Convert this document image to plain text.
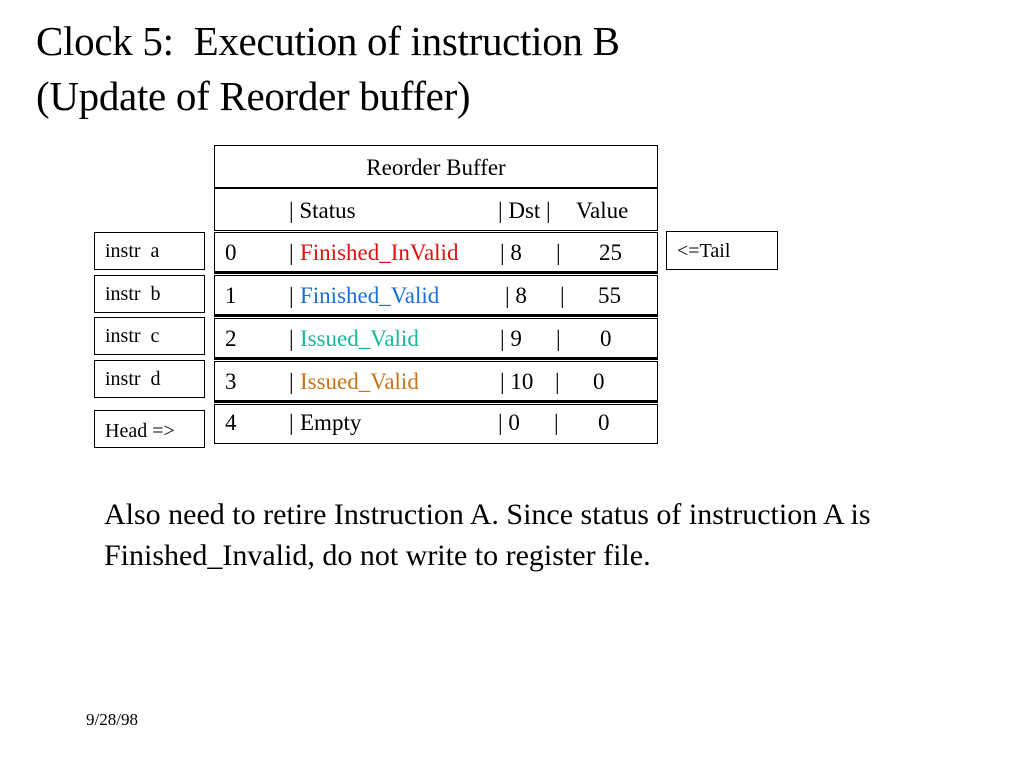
Clock 5:  Execution of instruction B
(Update of Reorder buffer)
Reorder Buffer
| Status	| Dst | Value
0 | Finished_InValid | 8 | 25
1 | Finished_Valid	| 8 | 55
2 | Issued_Valid	| 9 | 0
3 | Issued_Valid	| 10 | 0
4 | Empty	| 0 | 0
instr  a
instr  b
instr  c
instr  d
Head =>
<=Tail

Also need to retire Instruction A. Since status of instruction A is Finished_Invalid, do not write to register file.

9/28/98
